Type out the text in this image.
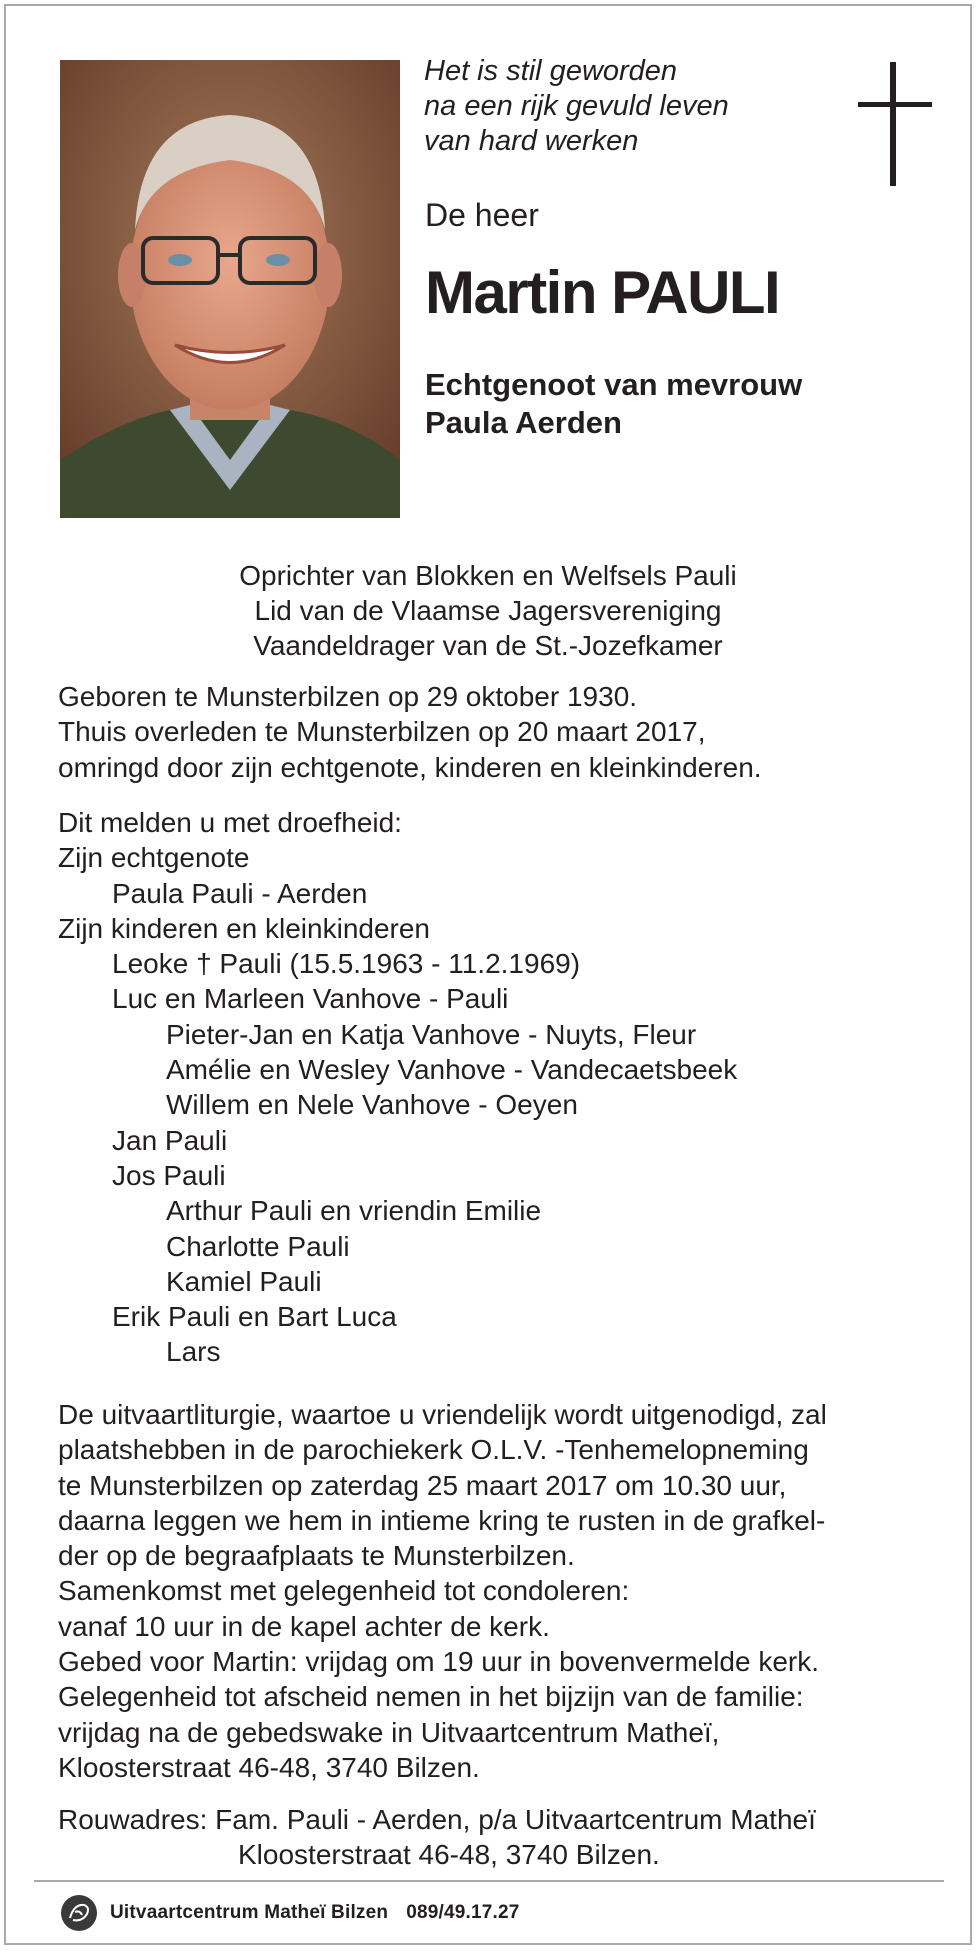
Het is stil geworden
na een rijk gevuld leven
van hard werken
De heer
Martin PAULI
Echtgenoot van mevrouw
Paula Aerden
Oprichter van Blokken en Welfsels Pauli
Lid van de Vlaamse Jagersvereniging
Vaandeldrager van de St.-Jozefkamer
Geboren te Munsterbilzen op 29 oktober 1930.
Thuis overleden te Munsterbilzen op 20 maart 2017,
omringd door zijn echtgenote, kinderen en kleinkinderen.
Dit melden u met droefheid:
Zijn echtgenote
Paula Pauli - Aerden
Zijn kinderen en kleinkinderen
Leoke † Pauli (15.5.1963 - 11.2.1969)
Luc en Marleen Vanhove - Pauli
Pieter-Jan en Katja Vanhove - Nuyts, Fleur
Amélie en Wesley Vanhove - Vandecaetsbeek
Willem en Nele Vanhove - Oeyen
Jan Pauli
Jos Pauli
Arthur Pauli en vriendin Emilie
Charlotte Pauli
Kamiel Pauli
Erik Pauli en Bart Luca
Lars
De uitvaartliturgie, waartoe u vriendelijk wordt uitgenodigd, zal
plaatshebben in de parochiekerk O.L.V. -Tenhemelopneming
te Munsterbilzen op zaterdag 25 maart 2017 om 10.30 uur,
daarna leggen we hem in intieme kring te rusten in de grafkel-
der op de begraafplaats te Munsterbilzen.
Samenkomst met gelegenheid tot condoleren:
vanaf 10 uur in de kapel achter de kerk.
Gebed voor Martin: vrijdag om 19 uur in bovenvermelde kerk.
Gelegenheid tot afscheid nemen in het bijzijn van de familie:
vrijdag na de gebedswake in Uitvaartcentrum Matheï,
Kloosterstraat 46-48, 3740 Bilzen.
Rouwadres: Fam. Pauli - Aerden, p/a Uitvaartcentrum Matheï
Kloosterstraat 46-48, 3740 Bilzen.
Uitvaartcentrum Matheï Bilzen 089/49.17.27
